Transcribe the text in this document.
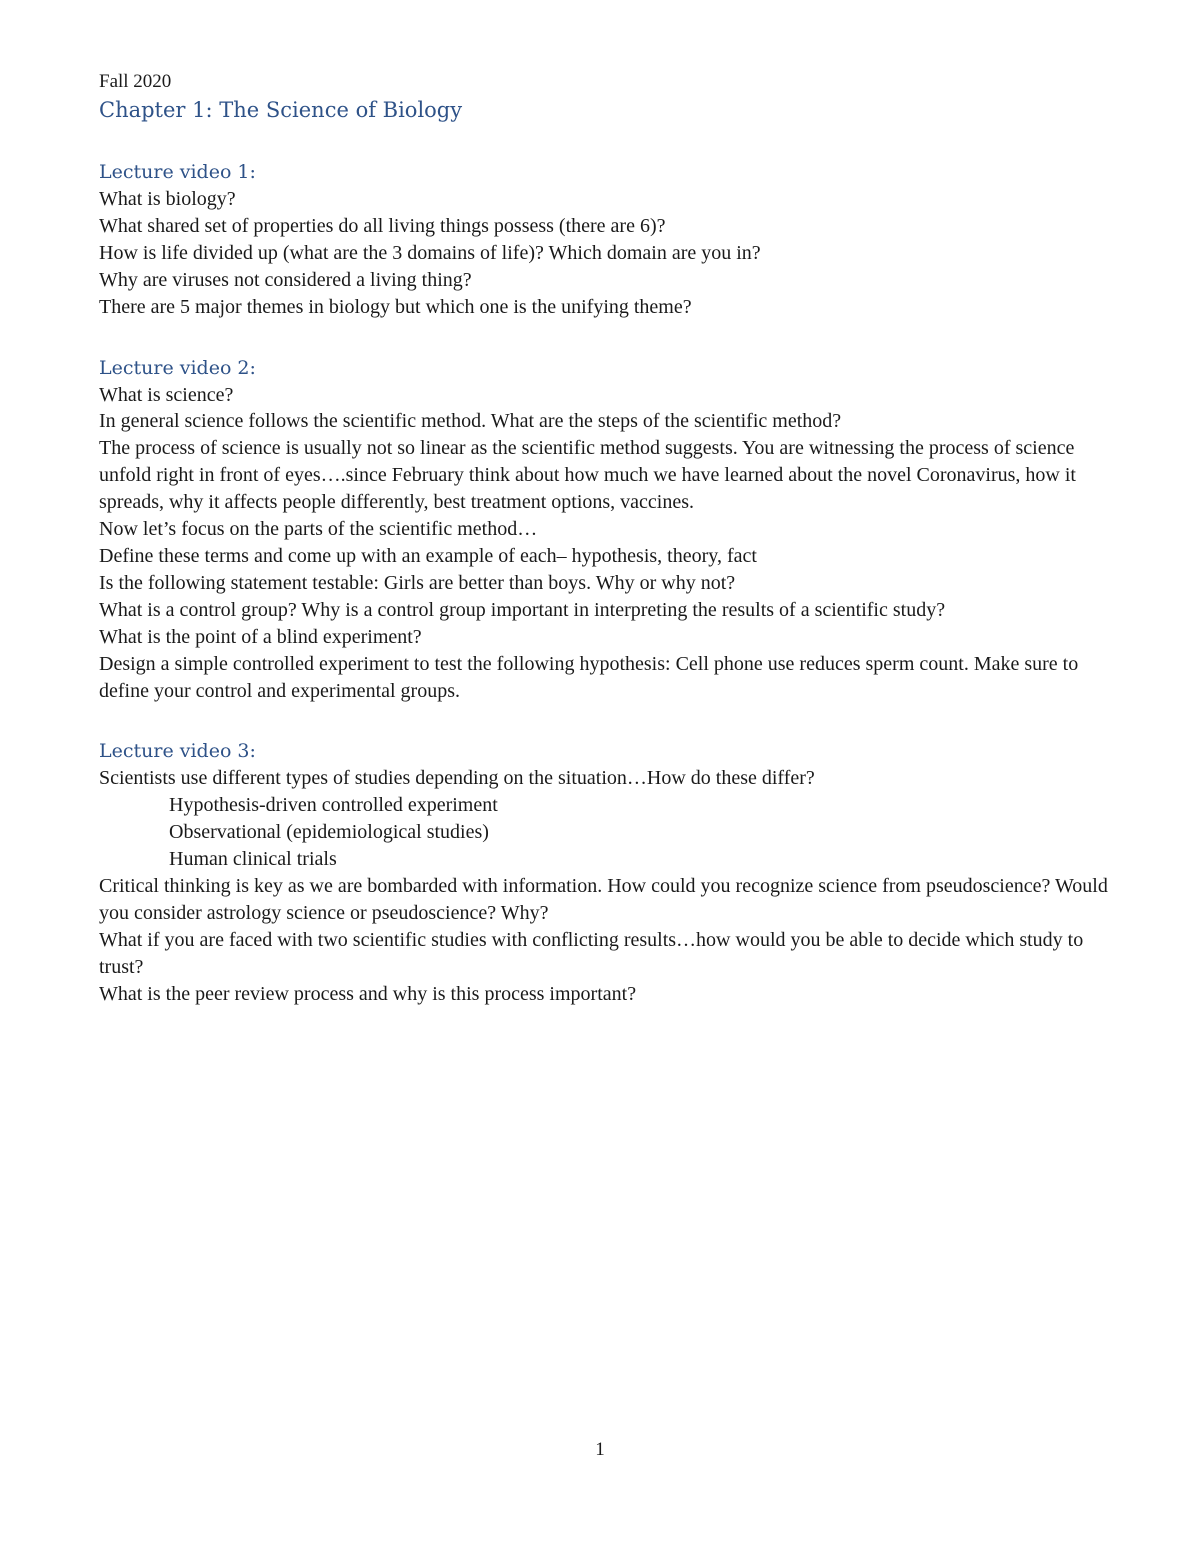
Fall 2020

Chapter 1: The Science of Biology
Lecture video 1:
What is biology?
What shared set of properties do all living things possess (there are 6)?
How is life divided up (what are the 3 domains of life)? Which domain are you in?
Why are viruses not considered a living thing?
There are 5 major themes in biology but which one is the unifying theme?
Lecture video 2:
What is science?
In general science follows the scientific method. What are the steps of the scientific method?
The process of science is usually not so linear as the scientific method suggests. You are witnessing the process of science unfold right in front of eyes….since February think about how much we have learned about the novel Coronavirus, how it spreads, why it affects people differently, best treatment options, vaccines.
Now let’s focus on the parts of the scientific method…
Define these terms and come up with an example of each– hypothesis, theory, fact
Is the following statement testable: Girls are better than boys. Why or why not?
What is a control group? Why is a control group important in interpreting the results of a scientific study?
What is the point of a blind experiment?
Design a simple controlled experiment to test the following hypothesis: Cell phone use reduces sperm count. Make sure to define your control and experimental groups.
Lecture video 3:
Scientists use different types of studies depending on the situation…How do these differ?
Hypothesis-driven controlled experiment
Observational (epidemiological studies)
Human clinical trials
Critical thinking is key as we are bombarded with information. How could you recognize science from pseudoscience? Would you consider astrology science or pseudoscience? Why?
What if you are faced with two scientific studies with conflicting results…how would you be able to decide which study to trust?
What is the peer review process and why is this process important?
1
